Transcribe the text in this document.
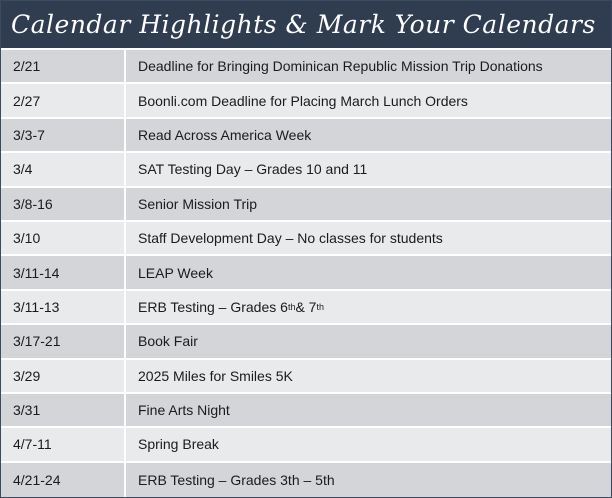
Calendar Highlights & Mark Your Calendars
2/21	Deadline for Bringing Dominican Republic Mission Trip Donations
2/27	Boonli.com Deadline for Placing March Lunch Orders
3/3-7	Read Across America Week
3/4	SAT Testing Day – Grades 10 and 11
3/8-16	Senior Mission Trip
3/10	Staff Development Day – No classes for students
3/11-14	LEAP Week
3/11-13	ERB Testing – Grades 6 th & 7 th
3/17-21	Book Fair
3/29	2025 Miles for Smiles 5K
3/31	Fine Arts Night
4/7-11	Spring Break
4/21-24	ERB Testing – Grades 3th – 5th
